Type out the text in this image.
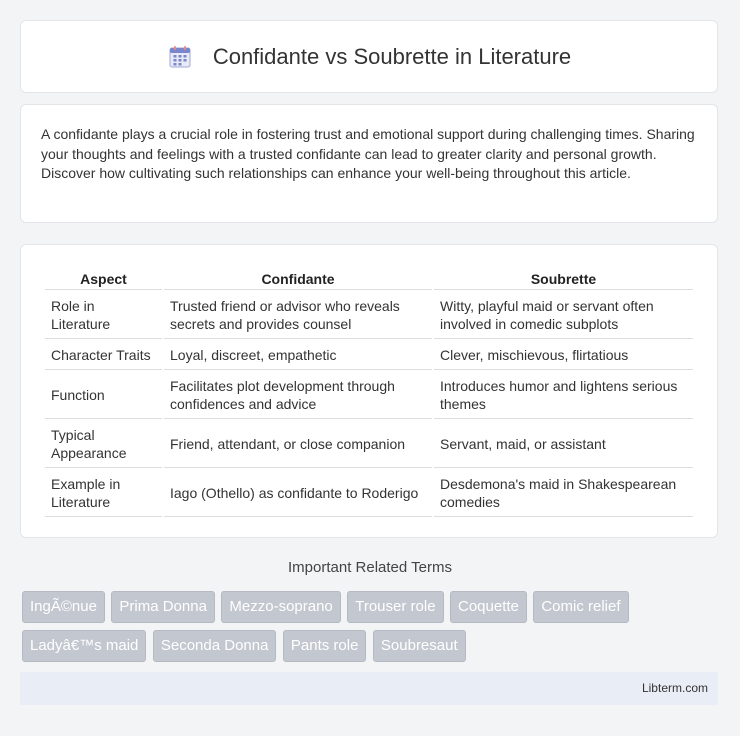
Confidante vs Soubrette in Literature

A confidante plays a crucial role in fostering trust and emotional support during challenging times. Sharing your thoughts and feelings with a trusted confidante can lead to greater clarity and personal growth. Discover how cultivating such relationships can enhance your well-being throughout this article.

Aspect	Confidante	Soubrette
Role in Literature	Trusted friend or advisor who reveals secrets and provides counsel	Witty, playful maid or servant often involved in comedic subplots
Character Traits	Loyal, discreet, empathetic	Clever, mischievous, flirtatious
Function	Facilitates plot development through confidences and advice	Introduces humor and lightens serious themes
Typical Appearance	Friend, attendant, or close companion	Servant, maid, or assistant
Example in Literature	Iago (Othello) as confidante to Roderigo	Desdemona's maid in Shakespearean comedies
Important Related Terms
IngÃ©nue Prima Donna Mezzo-soprano Trouser role Coquette Comic relief Ladyâ€™s maid Seconda Donna Pants role Soubresaut
Libterm.com
